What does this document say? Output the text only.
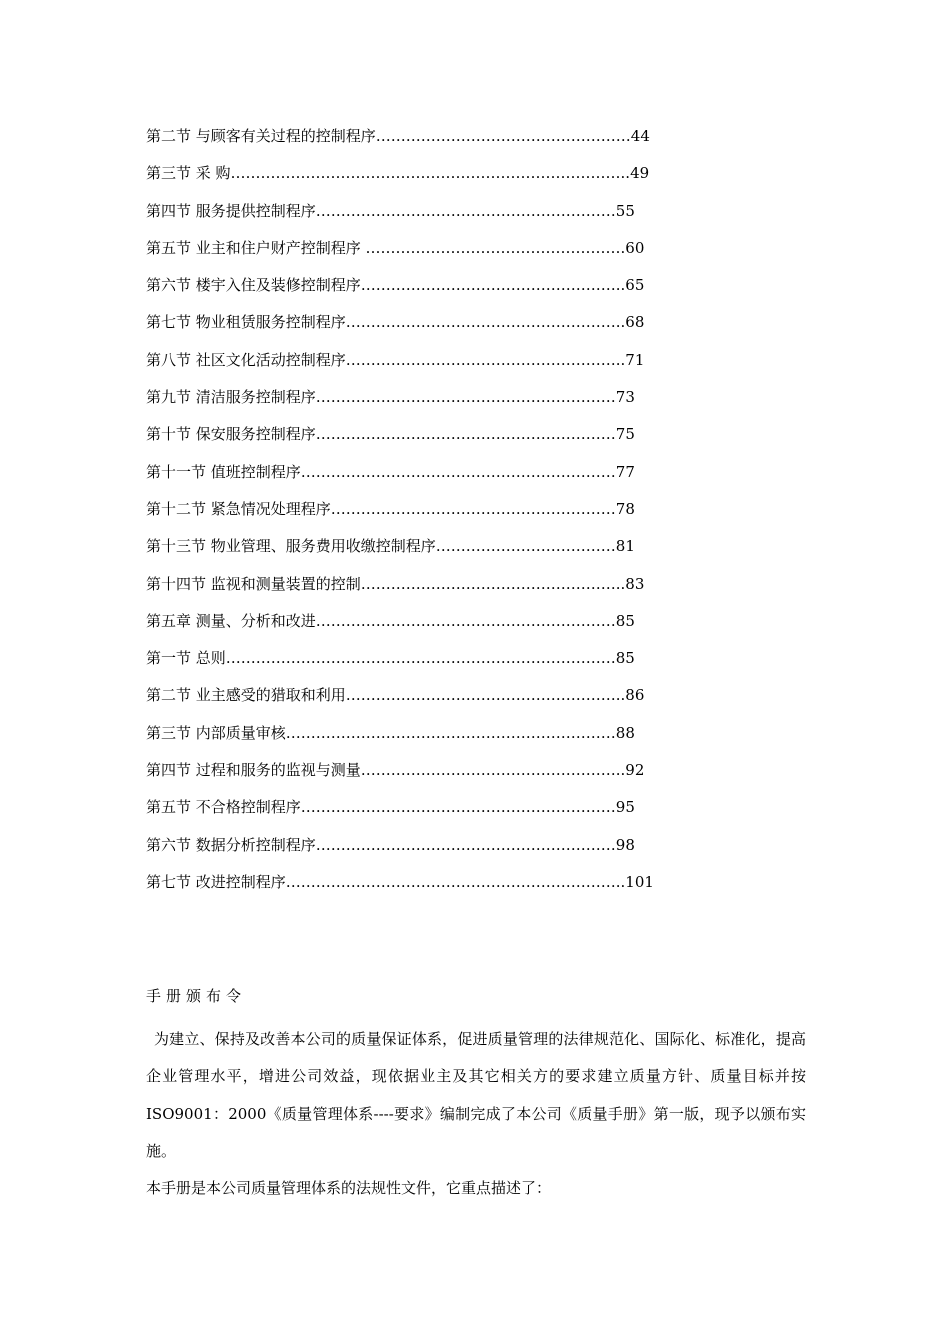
第二节 与顾客有关过程的控制程序……………………………………………44
第三节 采 购……………………………………………………………………..49
第四节 服务提供控制程序……………………………………………………55
第五节 业主和住户财产控制程序 …………………………………………….60
第六节 楼宇入住及装修控制程序……………………………………………..65
第七节 物业租赁服务控制程序………………………………………………..68
第八节 社区文化活动控制程序………………………………………………..71
第九节 清洁服务控制程序……………………………………………………73
第十节 保安服务控制程序……………………………………………………75
第十一节 值班控制程序………………………………………………………77
第十二节 紧急情况处理程序…………………………………………………78
第十三节 物业管理、服务费用收缴控制程序………………………………81
第十四节 监视和测量装置的控制……………………………………………..83
第五章 测量、分析和改进……………………………………………………85
第一节 总则……………………………………………………………………85
第二节 业主感受的猎取和利用………………………………………………..86
第三节 内部质量审核…………………………………………………………88
第四节 过程和服务的监视与测量……………………………………………..92
第五节 不合格控制程序………………………………………………………95
第六节 数据分析控制程序……………………………………………………98
第七节 改进控制程序…………………………………………………………..101
手册颁布令

为建立、保持及改善本公司的质量保证体系，促进质量管理的法律规范化、国际化、标准化，提高企业管理水平，增进公司效益，现依据业主及其它相关方的要求建立质量方针、质量目标并按 ISO9001：2000《质量管理体系----要求》编制完成了本公司《质量手册》第一版，现予以颁布实施。

本手册是本公司质量管理体系的法规性文件，它重点描述了：
